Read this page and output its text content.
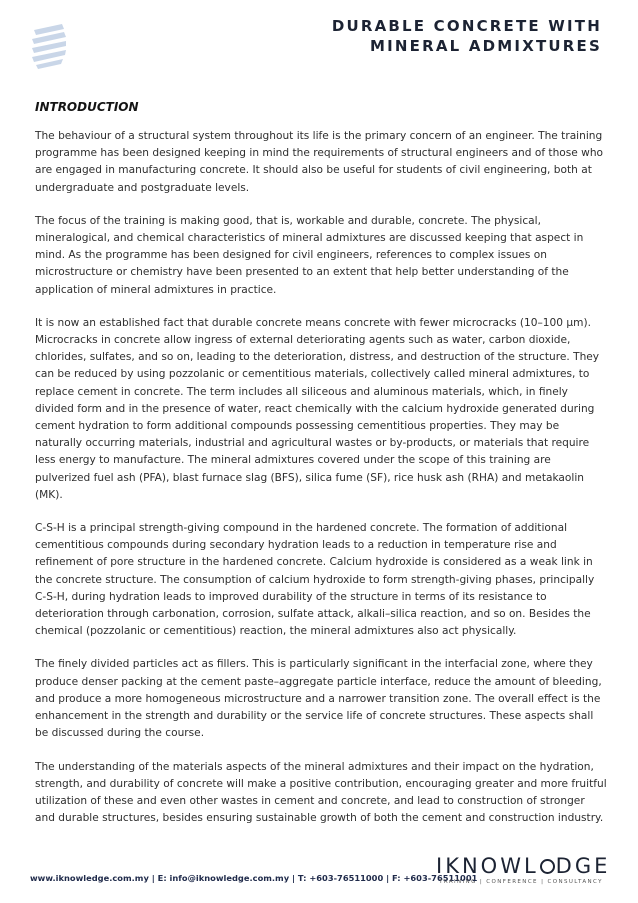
DURABLE CONCRETE WITH
MINERAL ADMIXTURES
INTRODUCTION

The behaviour of a structural system throughout its life is the primary concern of an engineer. The training programme has been designed keeping in mind the requirements of structural engineers and of those who are engaged in manufacturing concrete. It should also be useful for students of civil engineering, both at undergraduate and postgraduate levels.

The focus of the training is making good, that is, workable and durable, concrete. The physical, mineralogical, and chemical characteristics of mineral admixtures are discussed keeping that aspect in mind. As the programme has been designed for civil engineers, references to complex issues on microstructure or chemistry have been presented to an extent that help better understanding of the application of mineral admixtures in practice.

It is now an established fact that durable concrete means concrete with fewer microcracks (10–100 μm). Microcracks in concrete allow ingress of external deteriorating agents such as water, carbon dioxide, chlorides, sulfates, and so on, leading to the deterioration, distress, and destruction of the structure. They can be reduced by using pozzolanic or cementitious materials, collectively called mineral admixtures, to replace cement in concrete. The term includes all siliceous and aluminous materials, which, in finely divided form and in the presence of water, react chemically with the calcium hydroxide generated during cement hydration to form additional compounds possessing cementitious properties. They may be naturally occurring materials, industrial and agricultural wastes or by-products, or materials that require less energy to manufacture. The mineral admixtures covered under the scope of this training are pulverized fuel ash (PFA), blast furnace slag (BFS), silica fume (SF), rice husk ash (RHA) and metakaolin (MK).

C-S-H is a principal strength-giving compound in the hardened concrete. The formation of additional cementitious compounds during secondary hydration leads to a reduction in temperature rise and refinement of pore structure in the hardened concrete. Calcium hydroxide is considered as a weak link in the concrete structure. The consumption of calcium hydroxide to form strength-giving phases, principally C-S-H, during hydration leads to improved durability of the structure in terms of its resistance to deterioration through carbonation, corrosion, sulfate attack, alkali–silica reaction, and so on. Besides the chemical (pozzolanic or cementitious) reaction, the mineral admixtures also act physically.

The finely divided particles act as fillers. This is particularly significant in the interfacial zone, where they produce denser packing at the cement paste–aggregate particle interface, reduce the amount of bleeding, and produce a more homogeneous microstructure and a narrower transition zone. The overall effect is the enhancement in the strength and durability or the service life of concrete structures. These aspects shall be discussed during the course.

The understanding of the materials aspects of the mineral admixtures and their impact on the hydration, strength, and durability of concrete will make a positive contribution, encouraging greater and more fruitful utilization of these and even other wastes in cement and concrete, and lead to construction of stronger and durable structures, besides ensuring sustainable growth of both the cement and construction industry.

www.iknowledge.com.my | E: info@iknowledge.com.my | T: +603-76511000 | F: +603-76511001
IKNOWL DGE
TRAINING | CONFERENCE | CONSULTANCY
